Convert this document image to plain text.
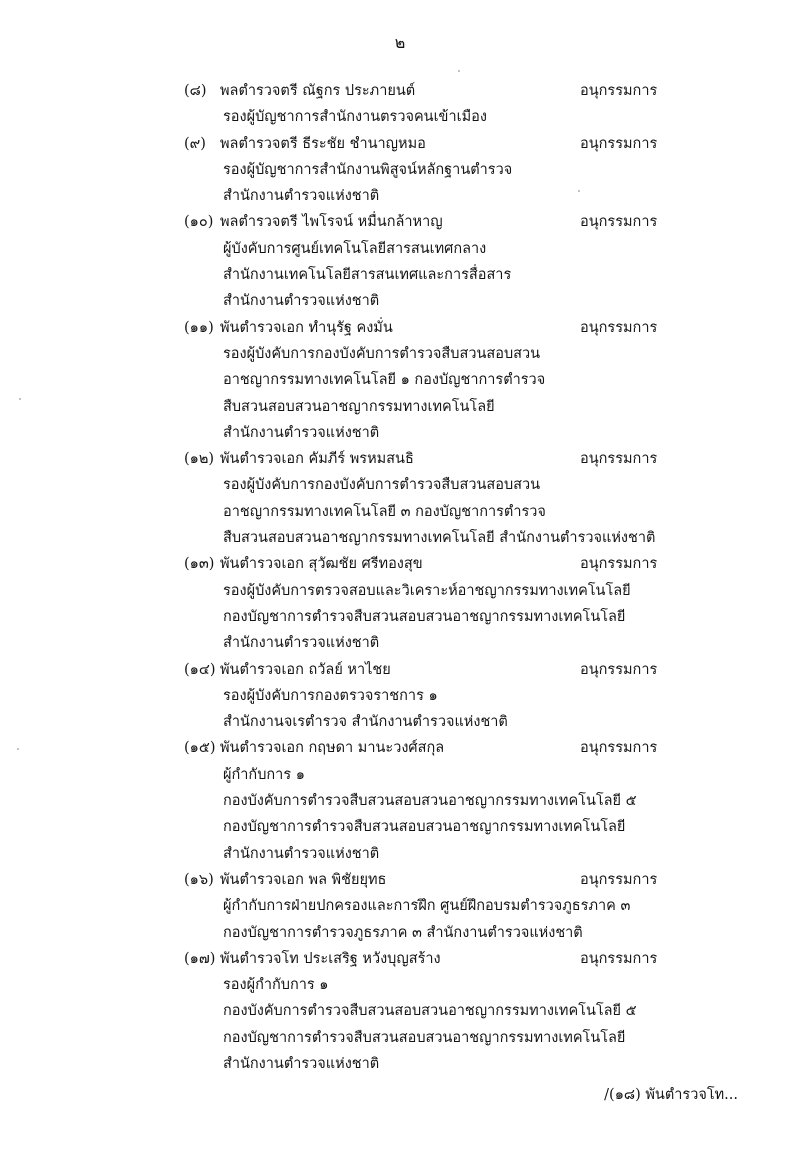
๒
(๘) พลตำรวจตรี ณัฐกร ประภายนต์	อนุกรรมการ
รองผู้บัญชาการสำนักงานตรวจคนเข้าเมือง
(๙) พลตำรวจตรี ธีระชัย ชำนาญหมอ	อนุกรรมการ
รองผู้บัญชาการสำนักงานพิสูจน์หลักฐานตำรวจ
สำนักงานตำรวจแห่งชาติ
(๑๐) พลตำรวจตรี ไพโรจน์ หมื่นกล้าหาญ	อนุกรรมการ
ผู้บังคับการศูนย์เทคโนโลยีสารสนเทศกลาง
สำนักงานเทคโนโลยีสารสนเทศและการสื่อสาร
สำนักงานตำรวจแห่งชาติ
(๑๑) พันตำรวจเอก ทำนุรัฐ คงมั่น	อนุกรรมการ
รองผู้บังคับการกองบังคับการตำรวจสืบสวนสอบสวน
อาชญากรรมทางเทคโนโลยี ๑ กองบัญชาการตำรวจ
สืบสวนสอบสวนอาชญากรรมทางเทคโนโลยี
สำนักงานตำรวจแห่งชาติ
(๑๒) พันตำรวจเอก คัมภีร์ พรหมสนธิ	อนุกรรมการ
รองผู้บังคับการกองบังคับการตำรวจสืบสวนสอบสวน
อาชญากรรมทางเทคโนโลยี ๓ กองบัญชาการตำรวจ
สืบสวนสอบสวนอาชญากรรมทางเทคโนโลยี สำนักงานตำรวจแห่งชาติ
(๑๓) พันตำรวจเอก สุวัฒชัย ศรีทองสุข	อนุกรรมการ
รองผู้บังคับการตรวจสอบและวิเคราะห์อาชญากรรมทางเทคโนโลยี
กองบัญชาการตำรวจสืบสวนสอบสวนอาชญากรรมทางเทคโนโลยี
สำนักงานตำรวจแห่งชาติ
(๑๔) พันตำรวจเอก ถวัลย์ หาไชย	อนุกรรมการ
รองผู้บังคับการกองตรวจราชการ ๑
สำนักงานจเรตำรวจ สำนักงานตำรวจแห่งชาติ
(๑๕) พันตำรวจเอก กฤษดา มานะวงศ์สกุล	อนุกรรมการ
ผู้กำกับการ ๑
กองบังคับการตำรวจสืบสวนสอบสวนอาชญากรรมทางเทคโนโลยี ๕
กองบัญชาการตำรวจสืบสวนสอบสวนอาชญากรรมทางเทคโนโลยี
สำนักงานตำรวจแห่งชาติ
(๑๖) พันตำรวจเอก พล พิชัยยุทธ	อนุกรรมการ
ผู้กำกับการฝ่ายปกครองและการฝึก ศูนย์ฝึกอบรมตำรวจภูธรภาค ๓
กองบัญชาการตำรวจภูธรภาค ๓ สำนักงานตำรวจแห่งชาติ
(๑๗) พันตำรวจโท ประเสริฐ หวังบุญสร้าง	อนุกรรมการ
รองผู้กำกับการ ๑
กองบังคับการตำรวจสืบสวนสอบสวนอาชญากรรมทางเทคโนโลยี ๕
กองบัญชาการตำรวจสืบสวนสอบสวนอาชญากรรมทางเทคโนโลยี
สำนักงานตำรวจแห่งชาติ
/(๑๘) พันตำรวจโท...
